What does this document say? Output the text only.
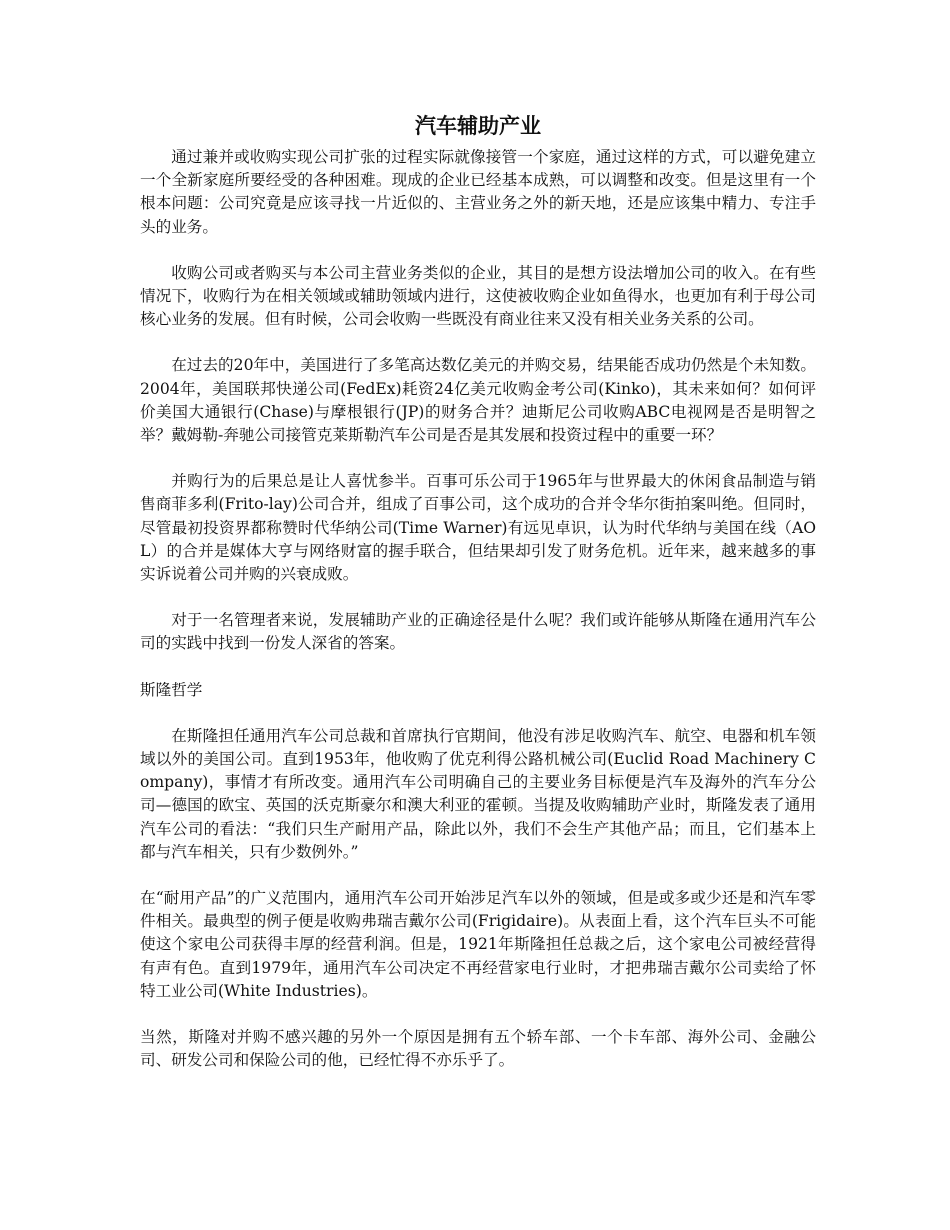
汽车辅助产业

通过兼并或收购实现公司扩张的过程实际就像接管一个家庭，通过这样的方式，可以避免建立一个全新家庭所要经受的各种困难。现成的企业已经基本成熟，可以调整和改变。但是这里有一个根本问题：公司究竟是应该寻找一片近似的、主营业务之外的新天地，还是应该集中精力、专注手头的业务。

收购公司或者购买与本公司主营业务类似的企业，其目的是想方设法增加公司的收入。在有些情况下，收购行为在相关领域或辅助领域内进行，这使被收购企业如鱼得水，也更加有利于母公司核心业务的发展。但有时候，公司会收购一些既没有商业往来又没有相关业务关系的公司。

在过去的20年中，美国进行了多笔高达数亿美元的并购交易，结果能否成功仍然是个未知数。2004年，美国联邦快递公司(FedEx)耗资24亿美元收购金考公司(Kinko)，其未来如何？如何评价美国大通银行(Chase)与摩根银行(JP)的财务合并？迪斯尼公司收购ABC电视网是否是明智之举？戴姆勒-奔驰公司接管克莱斯勒汽车公司是否是其发展和投资过程中的重要一环？

并购行为的后果总是让人喜忧参半。百事可乐公司于1965年与世界最大的休闲食品制造与销售商菲多利(Frito-lay)公司合并，组成了百事公司，这个成功的合并令华尔街拍案叫绝。但同时，尽管最初投资界都称赞时代华纳公司(Time Warner)有远见卓识，认为时代华纳与美国在线（AOL）的合并是媒体大亨与网络财富的握手联合，但结果却引发了财务危机。近年来，越来越多的事实诉说着公司并购的兴衰成败。

对于一名管理者来说，发展辅助产业的正确途径是什么呢？我们或许能够从斯隆在通用汽车公司的实践中找到一份发人深省的答案。

斯隆哲学

在斯隆担任通用汽车公司总裁和首席执行官期间，他没有涉足收购汽车、航空、电器和机车领域以外的美国公司。直到1953年，他收购了优克利得公路机械公司(Euclid Road Machinery Company)，事情才有所改变。通用汽车公司明确自己的主要业务目标便是汽车及海外的汽车分公司—德国的欧宝、英国的沃克斯豪尔和澳大利亚的霍顿。当提及收购辅助产业时，斯隆发表了通用汽车公司的看法：“我们只生产耐用产品，除此以外，我们不会生产其他产品；而且，它们基本上都与汽车相关，只有少数例外。”

在“耐用产品”的广义范围内，通用汽车公司开始涉足汽车以外的领域，但是或多或少还是和汽车零件相关。最典型的例子便是收购弗瑞吉戴尔公司(Frigidaire)。从表面上看，这个汽车巨头不可能使这个家电公司获得丰厚的经营利润。但是，1921年斯隆担任总裁之后，这个家电公司被经营得有声有色。直到1979年，通用汽车公司决定不再经营家电行业时，才把弗瑞吉戴尔公司卖给了怀特工业公司(White Industries)。

当然，斯隆对并购不感兴趣的另外一个原因是拥有五个轿车部、一个卡车部、海外公司、金融公司、研发公司和保险公司的他，已经忙得不亦乐乎了。
